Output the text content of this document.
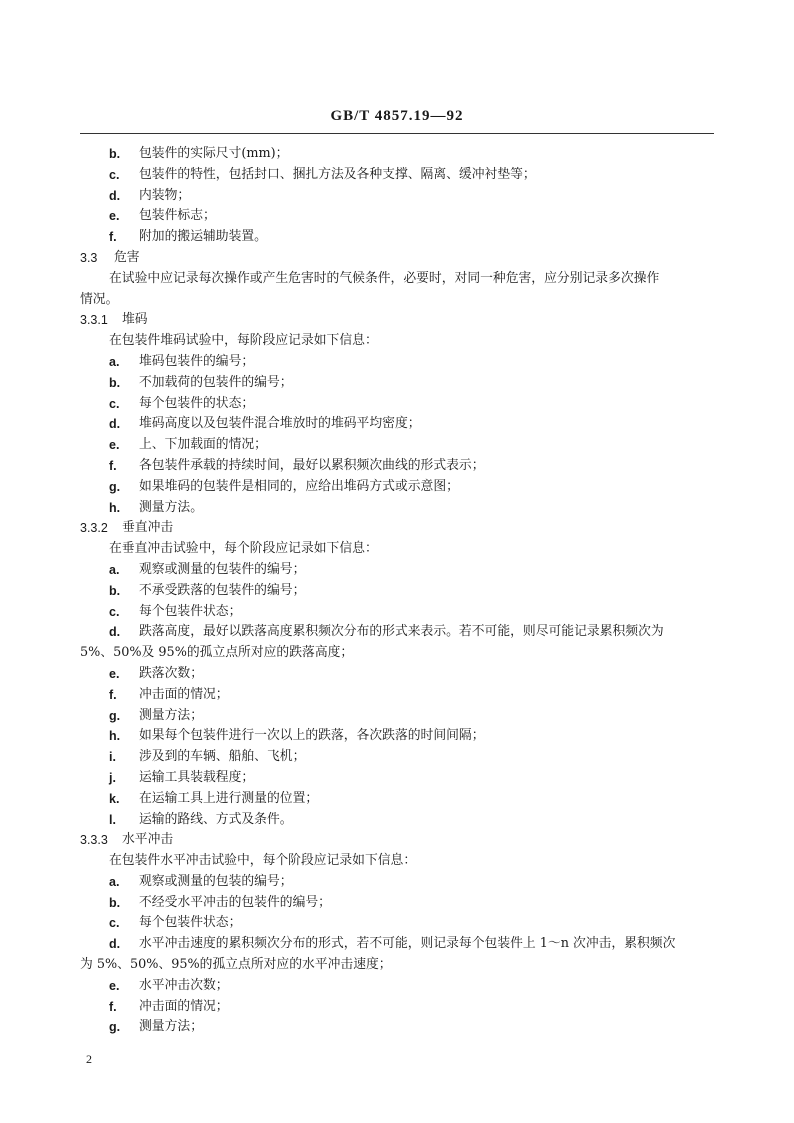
GB/T 4857.19—92
b.	包装件的实际尺寸(mm)；
c.	包装件的特性，包括封口、捆扎方法及各种支撑、隔离、缓冲衬垫等；
d.	内装物；
e.	包装件标志；
f.	附加的搬运辅助装置。
3.3	危害
在试验中应记录每次操作或产生危害时的气候条件，必要时，对同一种危害，应分别记录多次操作
情况。
3.3.1	堆码
在包装件堆码试验中，每阶段应记录如下信息：
a.	堆码包装件的编号；
b.	不加载荷的包装件的编号；
c.	每个包装件的状态；
d.	堆码高度以及包装件混合堆放时的堆码平均密度；
e.	上、下加载面的情况；
f.	各包装件承载的持续时间，最好以累积频次曲线的形式表示；
g.	如果堆码的包装件是相同的，应给出堆码方式或示意图；
h.	测量方法。
3.3.2	垂直冲击
在垂直冲击试验中，每个阶段应记录如下信息：
a.	观察或测量的包装件的编号；
b.	不承受跌落的包装件的编号；
c.	每个包装件状态；
d.	跌落高度，最好以跌落高度累积频次分布的形式来表示。若不可能，则尽可能记录累积频次为
5%、50%及 95%的孤立点所对应的跌落高度；
e.	跌落次数；
f.	冲击面的情况；
g.	测量方法；
h.	如果每个包装件进行一次以上的跌落，各次跌落的时间间隔；
i.	涉及到的车辆、船舶、飞机；
j.	运输工具装载程度；
k.	在运输工具上进行测量的位置；
l.	运输的路线、方式及条件。
3.3.3	水平冲击
在包装件水平冲击试验中，每个阶段应记录如下信息：
a.	观察或测量的包装的编号；
b.	不经受水平冲击的包装件的编号；
c.	每个包装件状态；
d.	水平冲击速度的累积频次分布的形式，若不可能，则记录每个包装件上 1～n 次冲击，累积频次
为 5%、50%、95%的孤立点所对应的水平冲击速度；
e.	水平冲击次数；
f.	冲击面的情况；
g.	测量方法；
2
